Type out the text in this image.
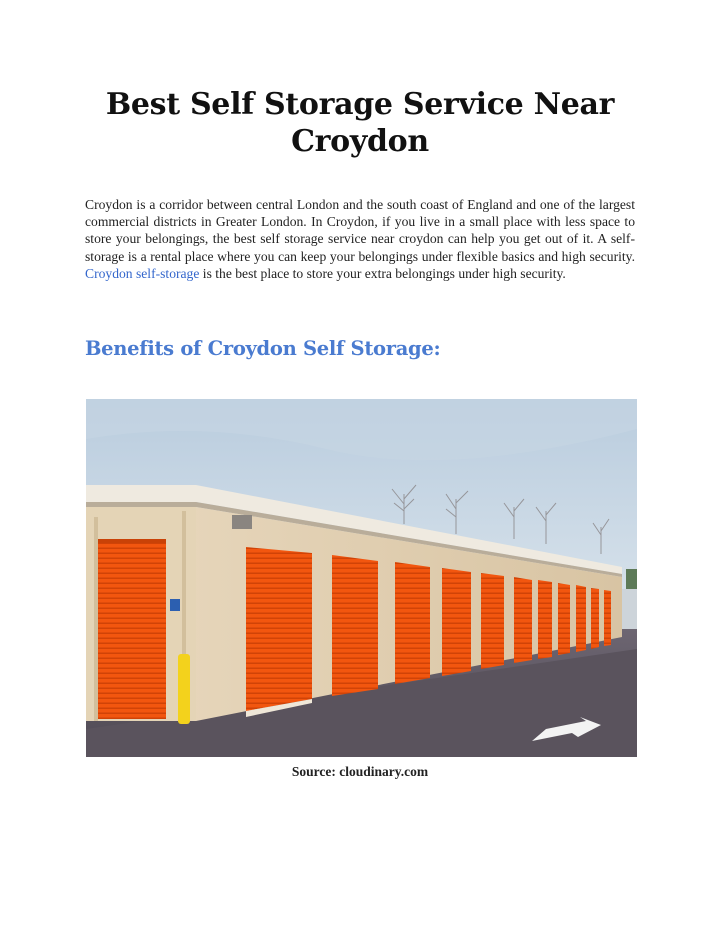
Best Self Storage Service Near Croydon

Croydon is a corridor between central London and the south coast of England and one of the largest commercial districts in Greater London. In Croydon, if you live in a small place with less space to store your belongings, the best self storage service near croydon can help you get out of it. A self-storage is a rental place where you can keep your belongings under flexible basics and high security. Croydon self-storage is the best place to store your extra belongings under high security.

Benefits of Croydon Self Storage:

Source: cloudinary.com
